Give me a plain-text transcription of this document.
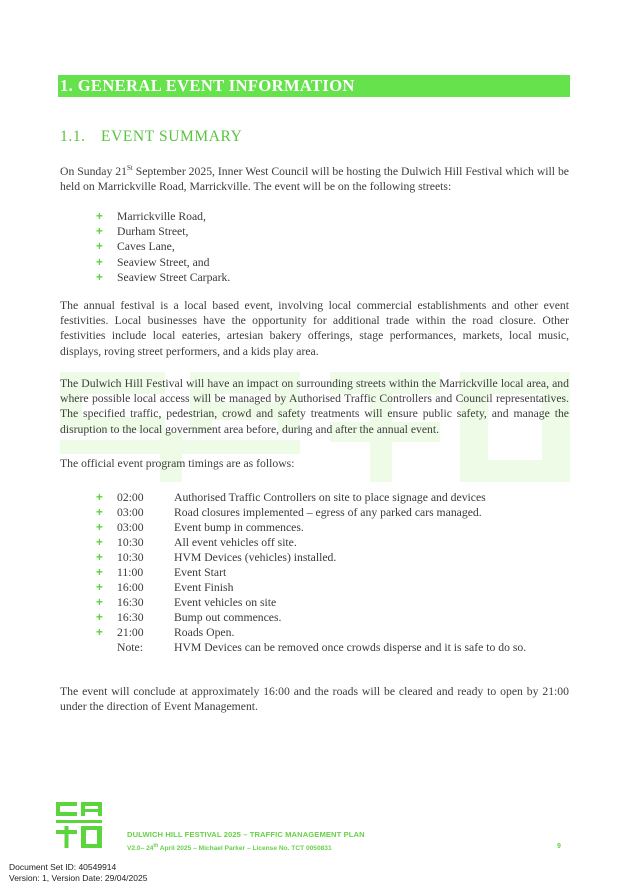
1. GENERAL EVENT INFORMATION
1.1. EVENT SUMMARY
On Sunday 21St September 2025, Inner West Council will be hosting the Dulwich Hill Festival which will be held on Marrickville Road, Marrickville. The event will be on the following streets:
+ Marrickville Road,
+ Durham Street,
+ Caves Lane,
+ Seaview Street, and
+ Seaview Street Carpark.
The annual festival is a local based event, involving local commercial establishments and other event festivities. Local businesses have the opportunity for additional trade within the road closure. Other festivities include local eateries, artesian bakery offerings, stage performances, markets, local music, displays, roving street performers, and a kids play area.
The Dulwich Hill Festival will have an impact on surrounding streets within the Marrickville local area, and where possible local access will be managed by Authorised Traffic Controllers and Council representatives. The specified traffic, pedestrian, crowd and safety treatments will ensure public safety, and manage the disruption to the local government area before, during and after the annual event.
The official event program timings are as follows:
+ 02:00	Authorised Traffic Controllers on site to place signage and devices
+ 03:00	Road closures implemented – egress of any parked cars managed.
+ 03:00	Event bump in commences.
+ 10:30	All event vehicles off site.
+ 10:30	HVM Devices (vehicles) installed.
+ 11:00	Event Start
+ 16:00	Event Finish
+ 16:30	Event vehicles on site
+ 16:30	Bump out commences.
+ 21:00	Roads Open.
Note:	HVM Devices can be removed once crowds disperse and it is safe to do so.
The event will conclude at approximately 16:00 and the roads will be cleared and ready to open by 21:00 under the direction of Event Management.
DULWICH HILL FESTIVAL 2025 – TRAFFIC MANAGEMENT PLAN
V2.0– 24th April 2025 – Michael Parker – License No. TCT 0050831	9
Document Set ID: 40549914
Version: 1, Version Date: 29/04/2025
